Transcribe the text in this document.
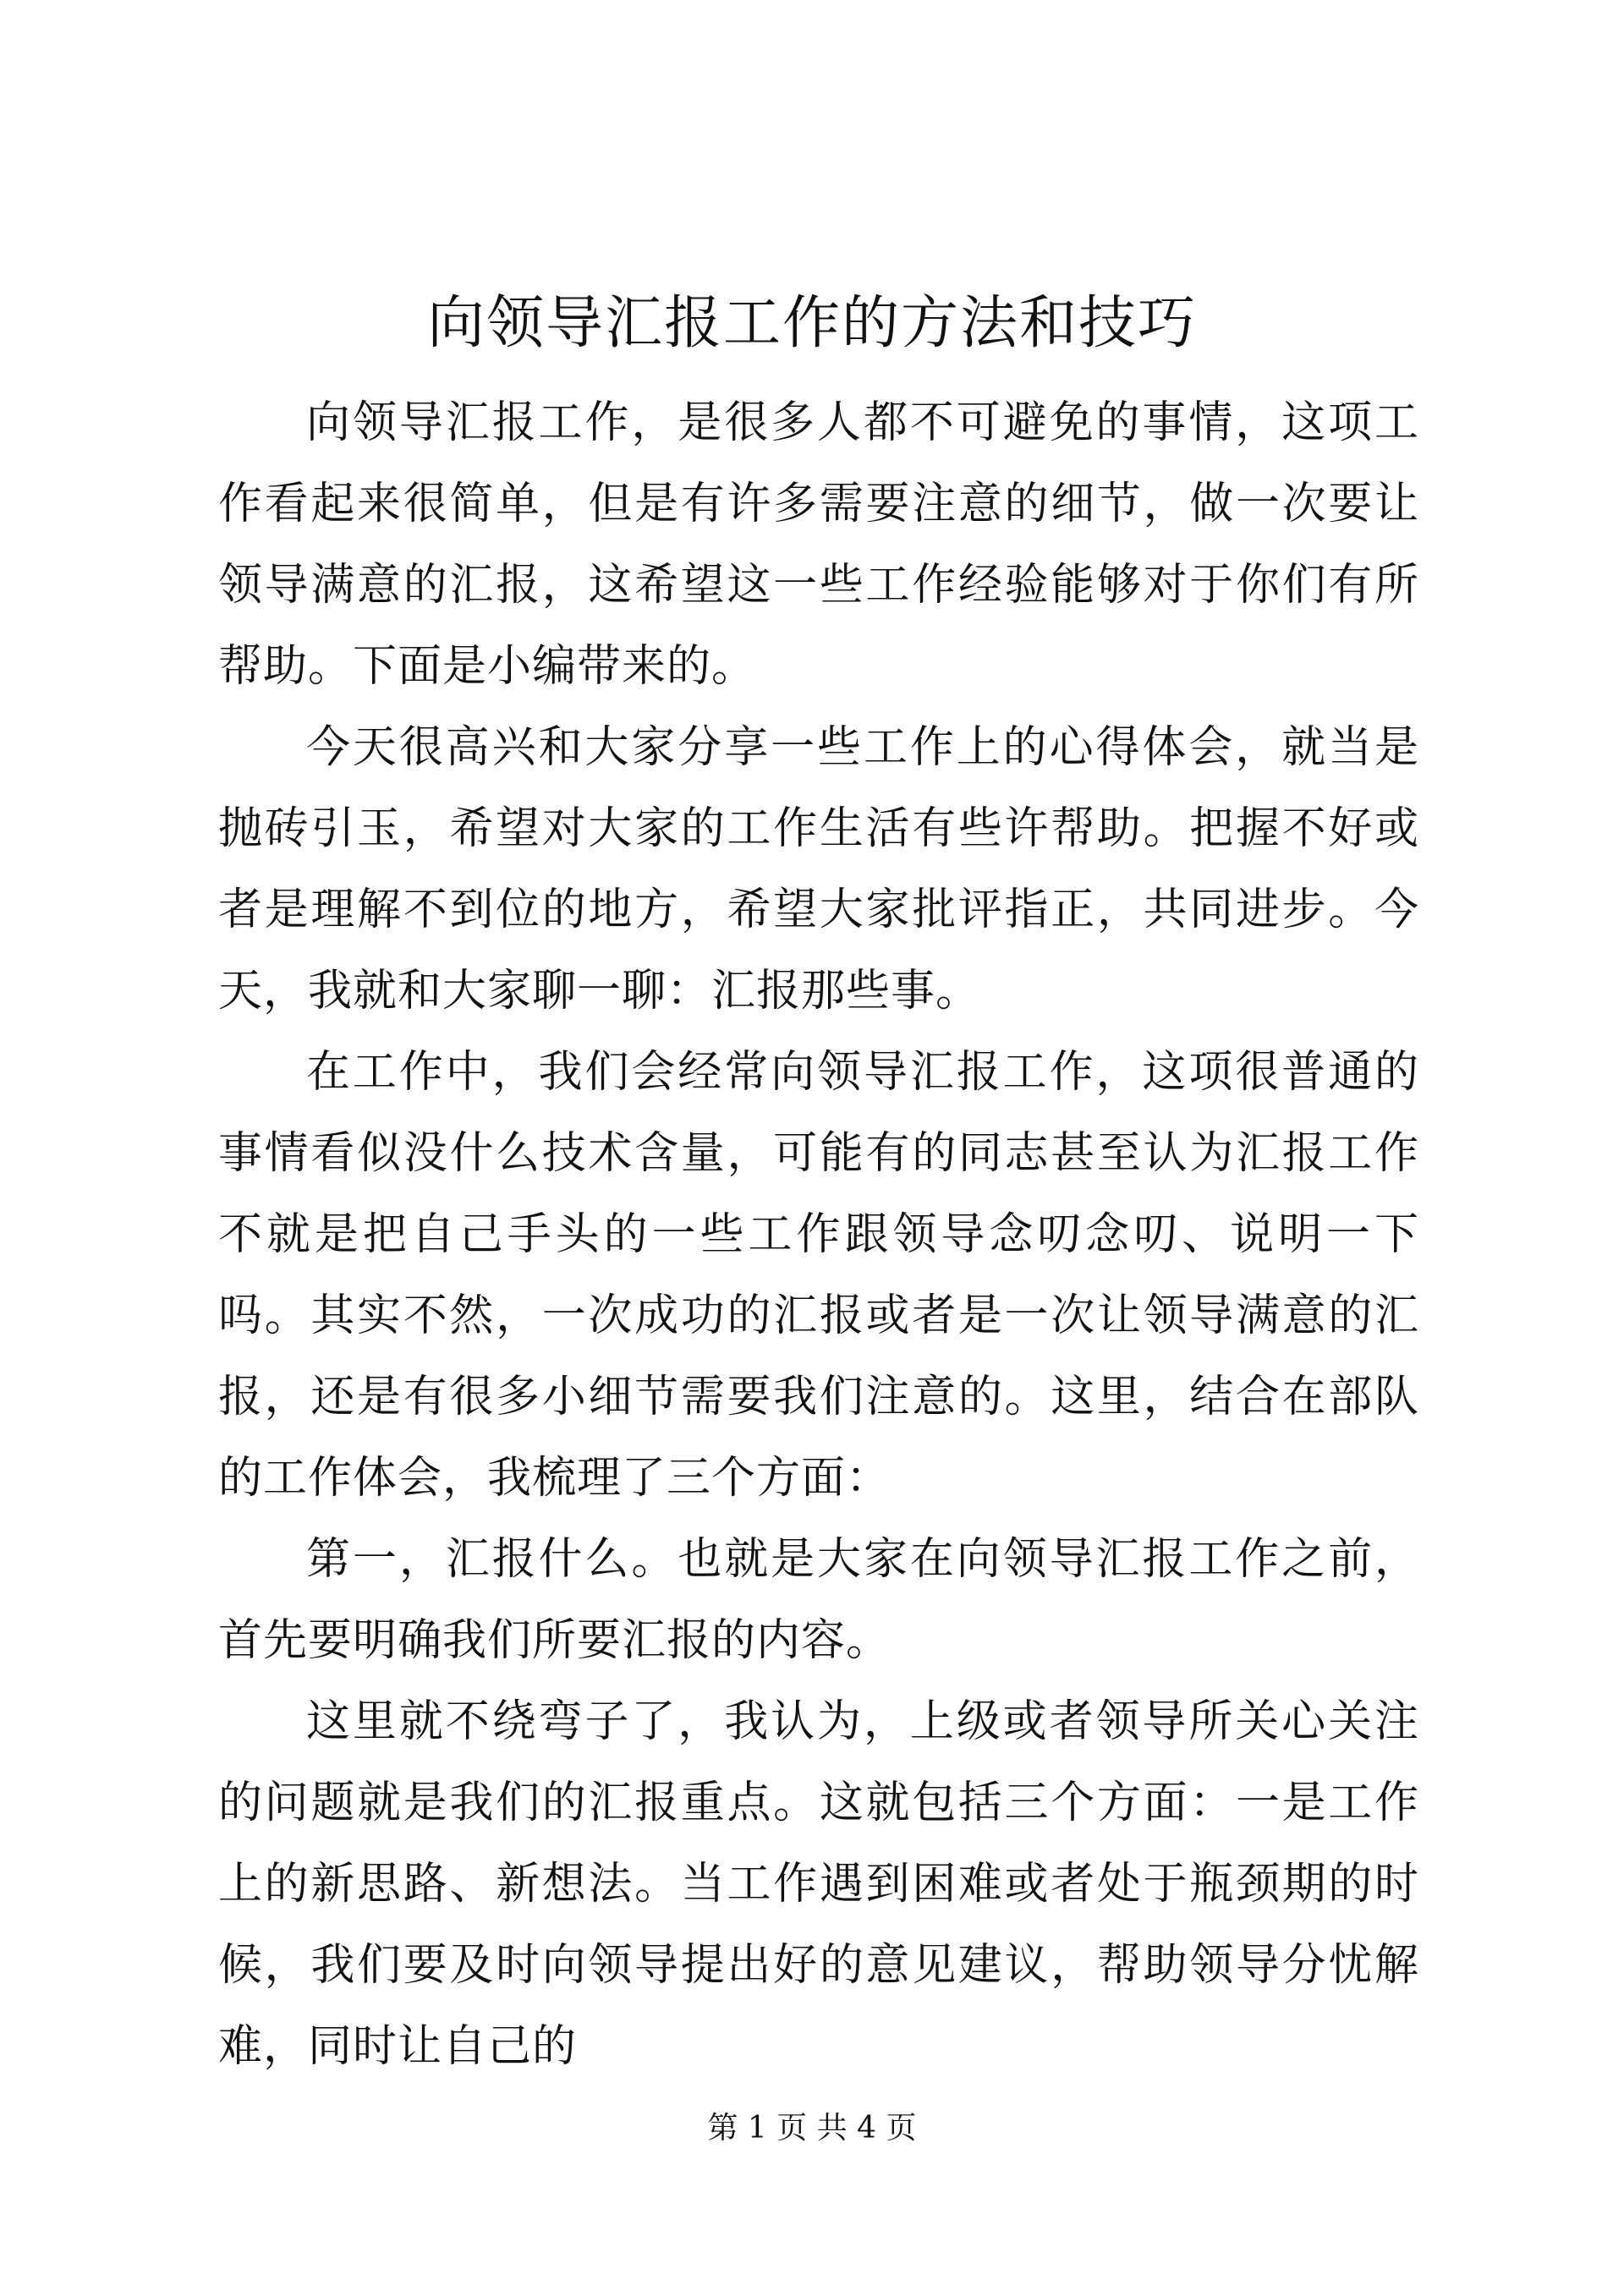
向领导汇报工作的方法和技巧

向领导汇报工作，是很多人都不可避免的事情，这项工作看起来很简单，但是有许多需要注意的细节，做一次要让领导满意的汇报，这希望这一些工作经验能够对于你们有所帮助。下面是小编带来的。

今天很高兴和大家分享一些工作上的心得体会，就当是抛砖引玉，希望对大家的工作生活有些许帮助。把握不好或者是理解不到位的地方，希望大家批评指正，共同进步。今天，我就和大家聊一聊：汇报那些事。

在工作中，我们会经常向领导汇报工作，这项很普通的事情看似没什么技术含量，可能有的同志甚至认为汇报工作不就是把自己手头的一些工作跟领导念叨念叨、说明一下吗。其实不然，一次成功的汇报或者是一次让领导满意的汇报，还是有很多小细节需要我们注意的。这里，结合在部队的工作体会，我梳理了三个方面：

第一，汇报什么。也就是大家在向领导汇报工作之前，首先要明确我们所要汇报的内容。

这里就不绕弯子了，我认为，上级或者领导所关心关注的问题就是我们的汇报重点。这就包括三个方面：一是工作上的新思路、新想法。当工作遇到困难或者处于瓶颈期的时候，我们要及时向领导提出好的意见建议，帮助领导分忧解难，同时让自己的

第 1 页 共 4 页
